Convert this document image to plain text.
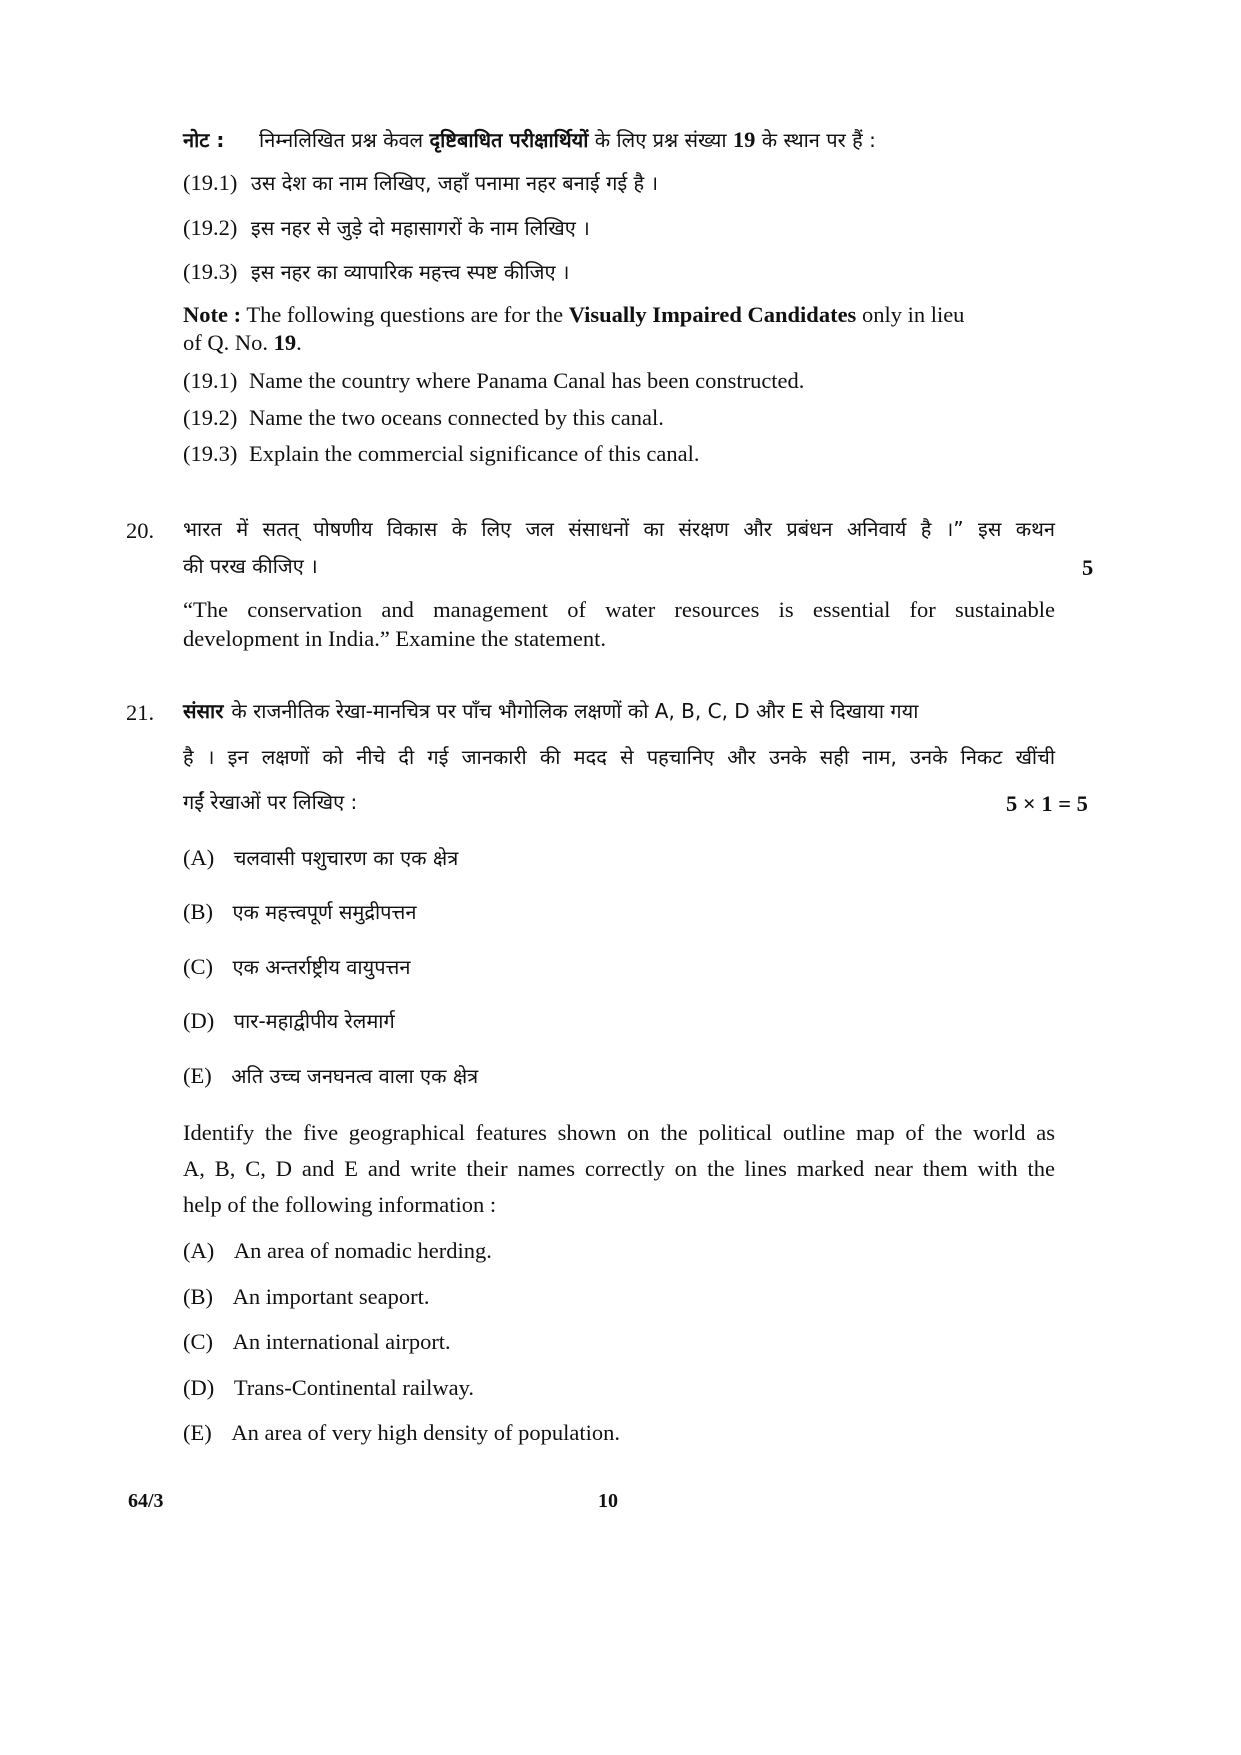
नोट : निम्नलिखित प्रश्न केवल दृष्टिबाधित परीक्षार्थियों के लिए प्रश्न संख्या 19 के स्थान पर हैं :
(19.1) उस देश का नाम लिखिए, जहाँ पनामा नहर बनाई गई है ।
(19.2) इस नहर से जुड़े दो महासागरों के नाम लिखिए ।
(19.3) इस नहर का व्यापारिक महत्त्व स्पष्ट कीजिए ।
Note : The following questions are for the Visually Impaired Candidates only in lieu
of Q. No. 19.
(19.1) Name the country where Panama Canal has been constructed.
(19.2) Name the two oceans connected by this canal.
(19.3) Explain the commercial significance of this canal.
20. भारत में सतत् पोषणीय विकास के लिए जल संसाधनों का संरक्षण और प्रबंधन अनिवार्य है ।” इस कथन
की परख कीजिए ।	5
“The conservation and management of water resources is essential for sustainable
development in India.” Examine the statement.
21. संसार के राजनीतिक रेखा-मानचित्र पर पाँच भौगोलिक लक्षणों को A, B, C, D और E से दिखाया गया
है । इन लक्षणों को नीचे दी गई जानकारी की मदद से पहचानिए और उनके सही नाम, उनके निकट खींची
गईं रेखाओं पर लिखिए :	5 × 1 = 5
(A) चलवासी पशुचारण का एक क्षेत्र
(B) एक महत्त्वपूर्ण समुद्रीपत्तन
(C) एक अन्तर्राष्ट्रीय वायुपत्तन
(D) पार-महाद्वीपीय रेलमार्ग
(E) अति उच्च जनघनत्व वाला एक क्षेत्र
Identify the five geographical features shown on the political outline map of the world as
A, B, C, D and E and write their names correctly on the lines marked near them with the
help of the following information :
(A) An area of nomadic herding.
(B) An important seaport.
(C) An international airport.
(D) Trans-Continental railway.
(E) An area of very high density of population.
64/3	10
